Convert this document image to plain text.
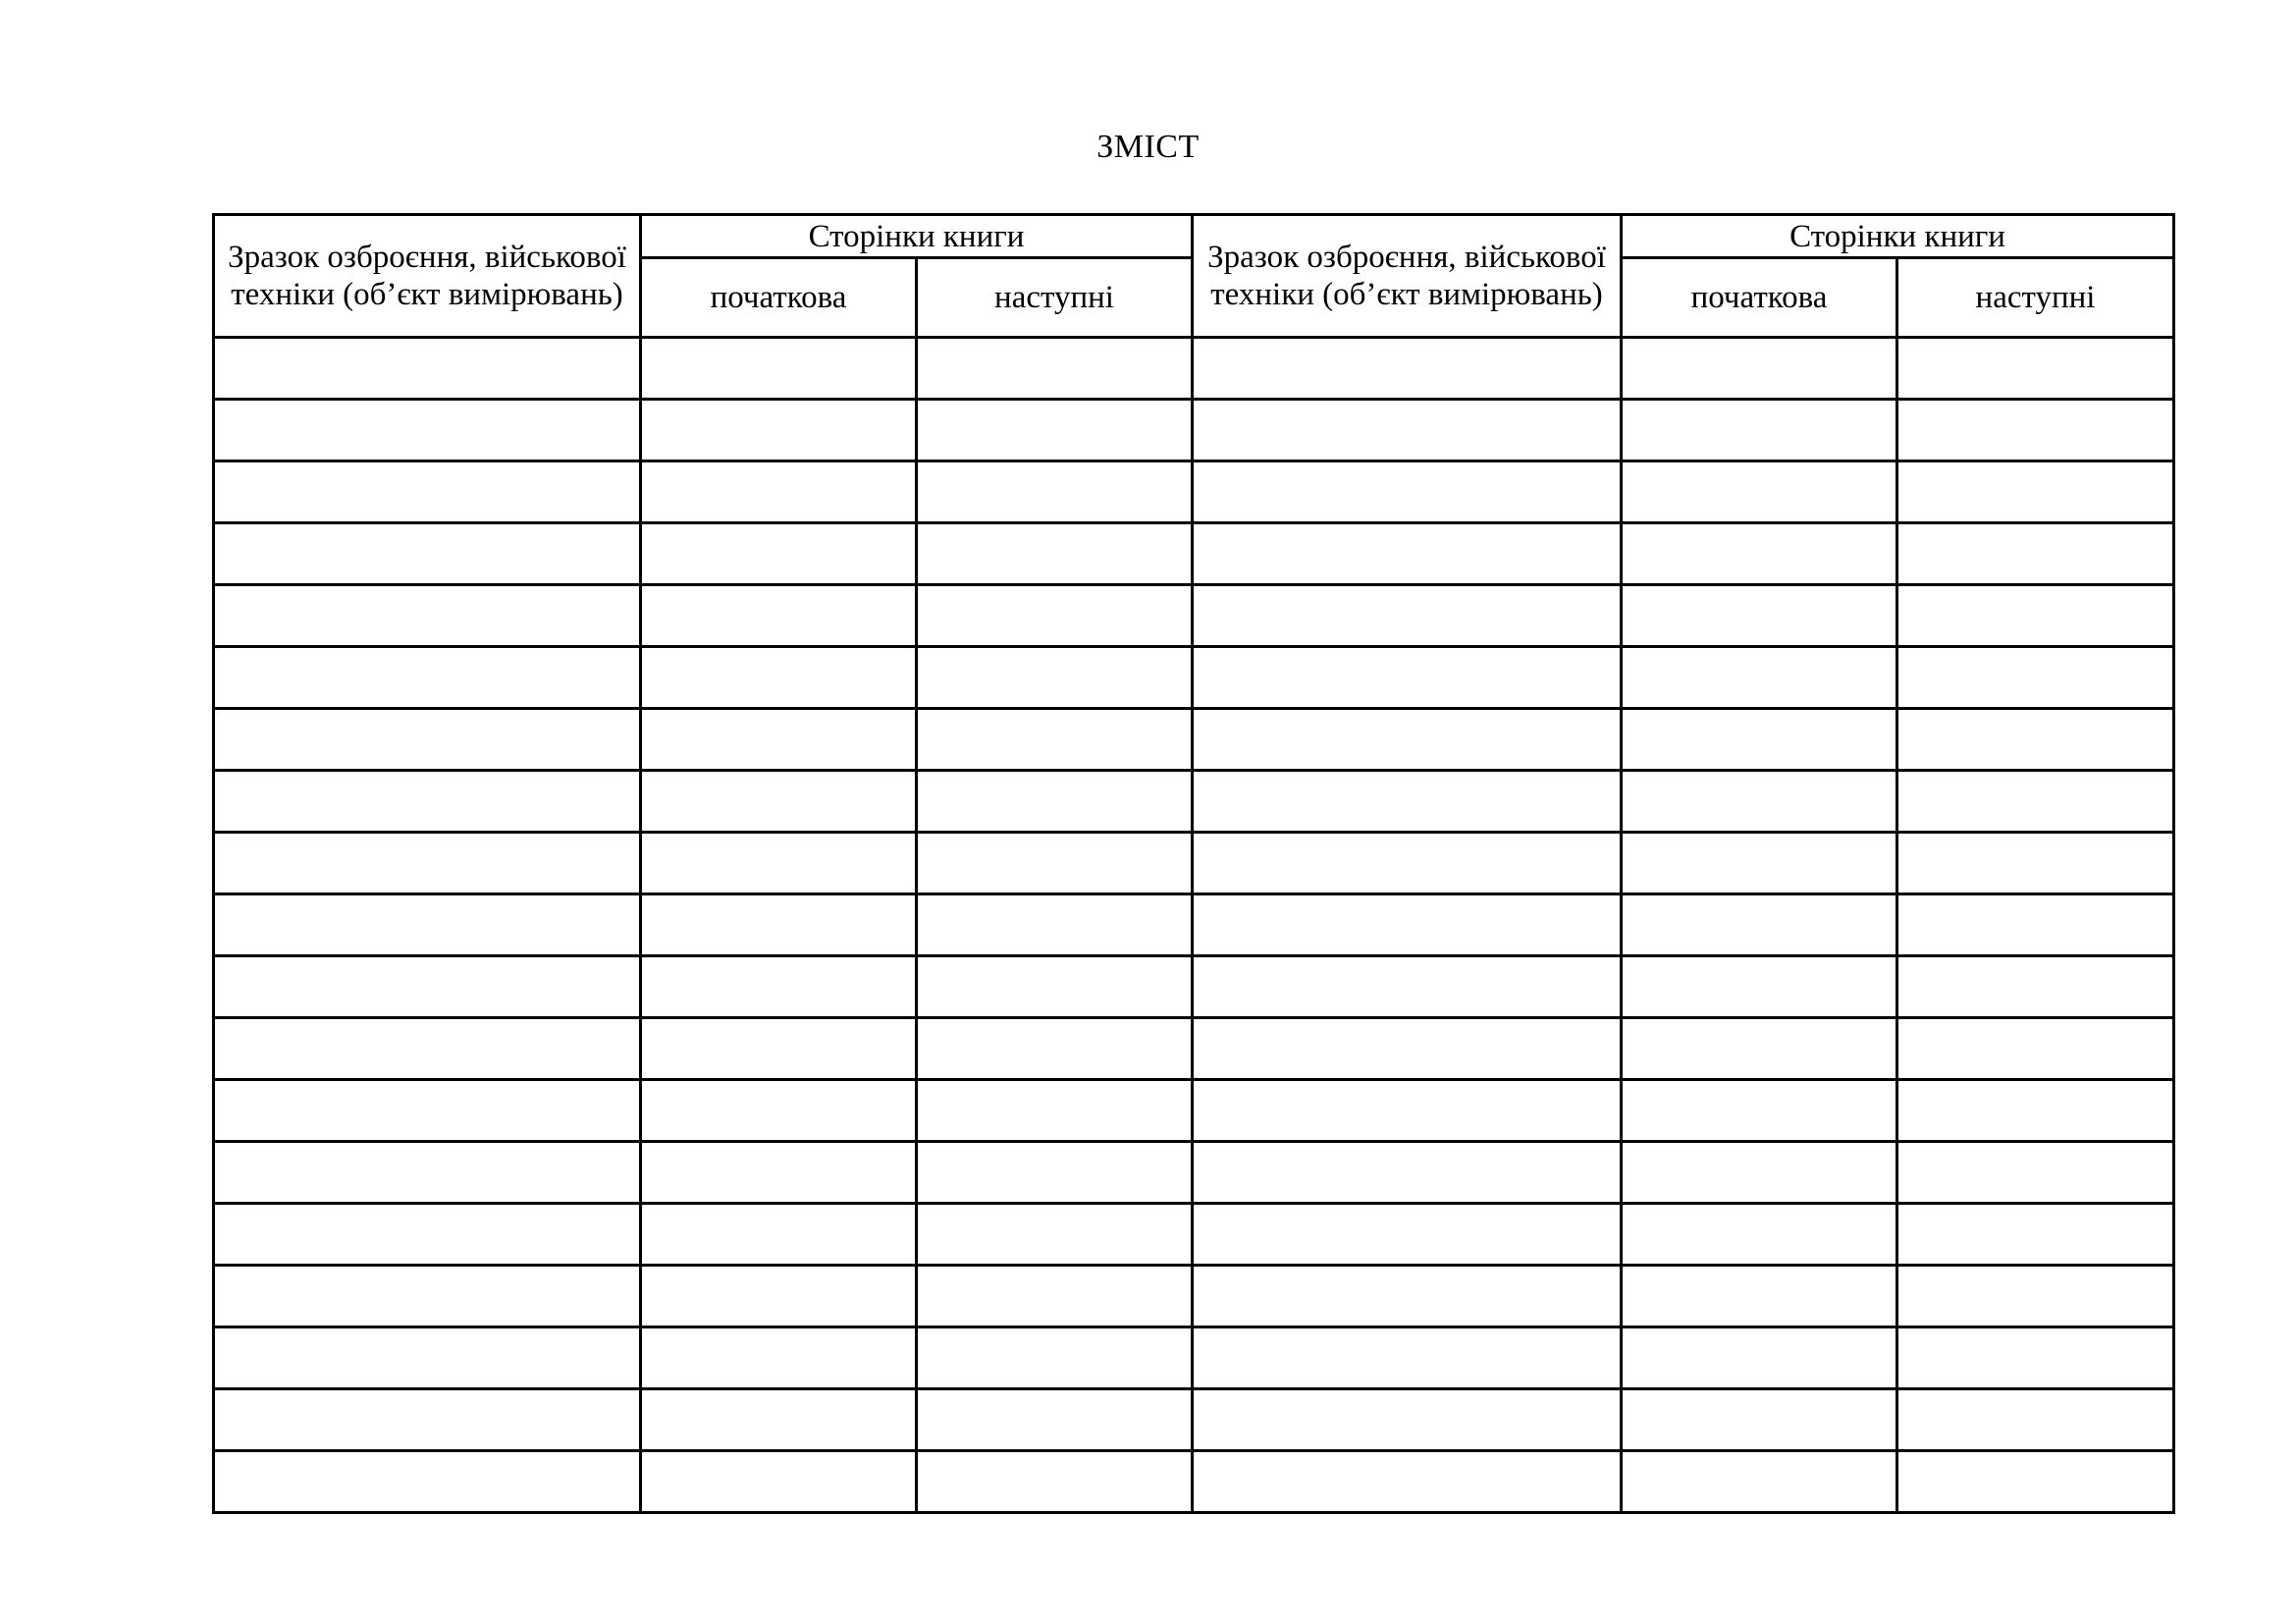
ЗМІСТ
Зразок озброєння, військової техніки (об’єкт вимірювань)	Сторінки книги		Зразок озброєння, військової техніки (об’єкт вимірювань)	Сторінки книги	
	початкова	наступні		початкова	наступні
